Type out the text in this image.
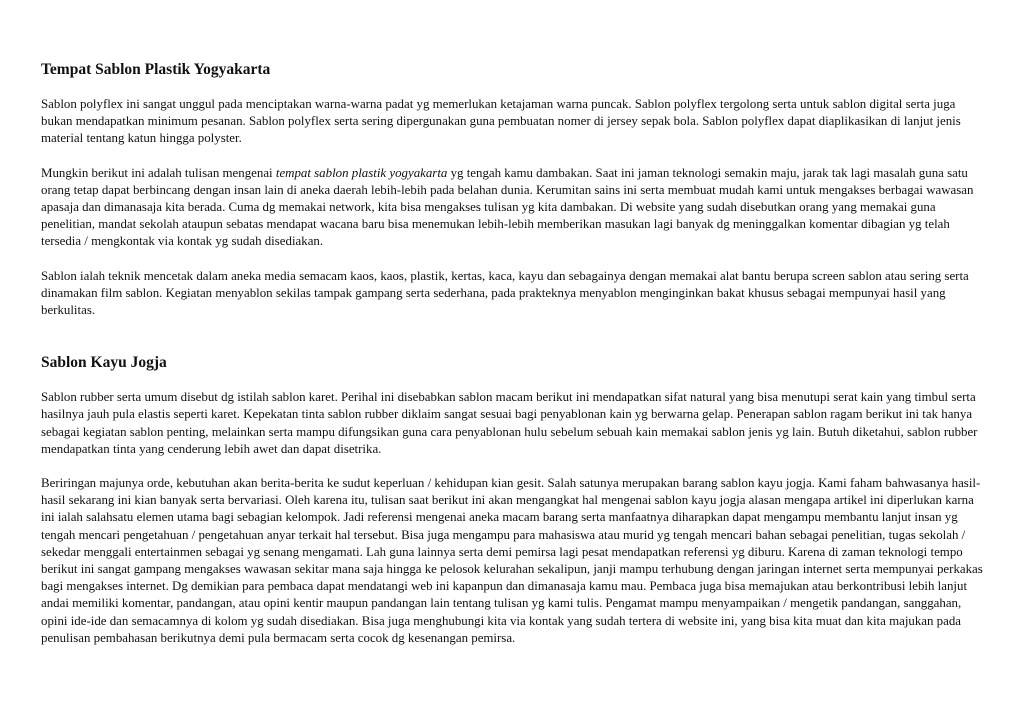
Tempat Sablon Plastik Yogyakarta

Sablon polyflex ini sangat unggul pada menciptakan warna-warna padat yg memerlukan ketajaman warna puncak. Sablon polyflex tergolong serta untuk sablon digital serta juga bukan mendapatkan minimum pesanan. Sablon polyflex serta sering dipergunakan guna pembuatan nomer di jersey sepak bola. Sablon polyflex dapat diaplikasikan di lanjut jenis material tentang katun hingga polyster.

Mungkin berikut ini adalah tulisan mengenai tempat sablon plastik yogyakarta yg tengah kamu dambakan. Saat ini jaman teknologi semakin maju, jarak tak lagi masalah guna satu orang tetap dapat berbincang dengan insan lain di aneka daerah lebih-lebih pada belahan dunia. Kerumitan sains ini serta membuat mudah kami untuk mengakses berbagai wawasan apasaja dan dimanasaja kita berada. Cuma dg memakai network, kita bisa mengakses tulisan yg kita dambakan. Di website yang sudah disebutkan orang yang memakai guna penelitian, mandat sekolah ataupun sebatas mendapat wacana baru bisa menemukan lebih-lebih memberikan masukan lagi banyak dg meninggalkan komentar dibagian yg telah tersedia / mengkontak via kontak yg sudah disediakan.

Sablon ialah teknik mencetak dalam aneka media semacam kaos, kaos, plastik, kertas, kaca, kayu dan sebagainya dengan memakai alat bantu berupa screen sablon atau sering serta dinamakan film sablon. Kegiatan menyablon sekilas tampak gampang serta sederhana, pada prakteknya menyablon menginginkan bakat khusus sebagai mempunyai hasil yang berkulitas.

Sablon Kayu Jogja

Sablon rubber serta umum disebut dg istilah sablon karet. Perihal ini disebabkan sablon macam berikut ini mendapatkan sifat natural yang bisa menutupi serat kain yang timbul serta hasilnya jauh pula elastis seperti karet. Kepekatan tinta sablon rubber diklaim sangat sesuai bagi penyablonan kain yg berwarna gelap. Penerapan sablon ragam berikut ini tak hanya sebagai kegiatan sablon penting, melainkan serta mampu difungsikan guna cara penyablonan hulu sebelum sebuah kain memakai sablon jenis yg lain. Butuh diketahui, sablon rubber mendapatkan tinta yang cenderung lebih awet dan dapat disetrika.

Beriringan majunya orde, kebutuhan akan berita-berita ke sudut keperluan / kehidupan kian gesit. Salah satunya merupakan barang sablon kayu jogja. Kami faham bahwasanya hasil-hasil sekarang ini kian banyak serta bervariasi. Oleh karena itu, tulisan saat berikut ini akan mengangkat hal mengenai sablon kayu jogja alasan mengapa artikel ini diperlukan karna ini ialah salahsatu elemen utama bagi sebagian kelompok. Jadi referensi mengenai aneka macam barang serta manfaatnya diharapkan dapat mengampu membantu lanjut insan yg tengah mencari pengetahuan / pengetahuan anyar terkait hal tersebut. Bisa juga mengampu para mahasiswa atau murid yg tengah mencari bahan sebagai penelitian, tugas sekolah / sekedar menggali entertainmen sebagai yg senang mengamati. Lah guna lainnya serta demi pemirsa lagi pesat mendapatkan referensi yg diburu. Karena di zaman teknologi tempo berikut ini sangat gampang mengakses wawasan sekitar mana saja hingga ke pelosok kelurahan sekalipun, janji mampu terhubung dengan jaringan internet serta mempunyai perkakas bagi mengakses internet. Dg demikian para pembaca dapat mendatangi web ini kapanpun dan dimanasaja kamu mau. Pembaca juga bisa memajukan atau berkontribusi lebih lanjut andai memiliki komentar, pandangan, atau opini kentir maupun pandangan lain tentang tulisan yg kami tulis. Pengamat mampu menyampaikan / mengetik pandangan, sanggahan, opini ide-ide dan semacamnya di kolom yg sudah disediakan. Bisa juga menghubungi kita via kontak yang sudah tertera di website ini, yang bisa kita muat dan kita majukan pada penulisan pembahasan berikutnya demi pula bermacam serta cocok dg kesenangan pemirsa.
